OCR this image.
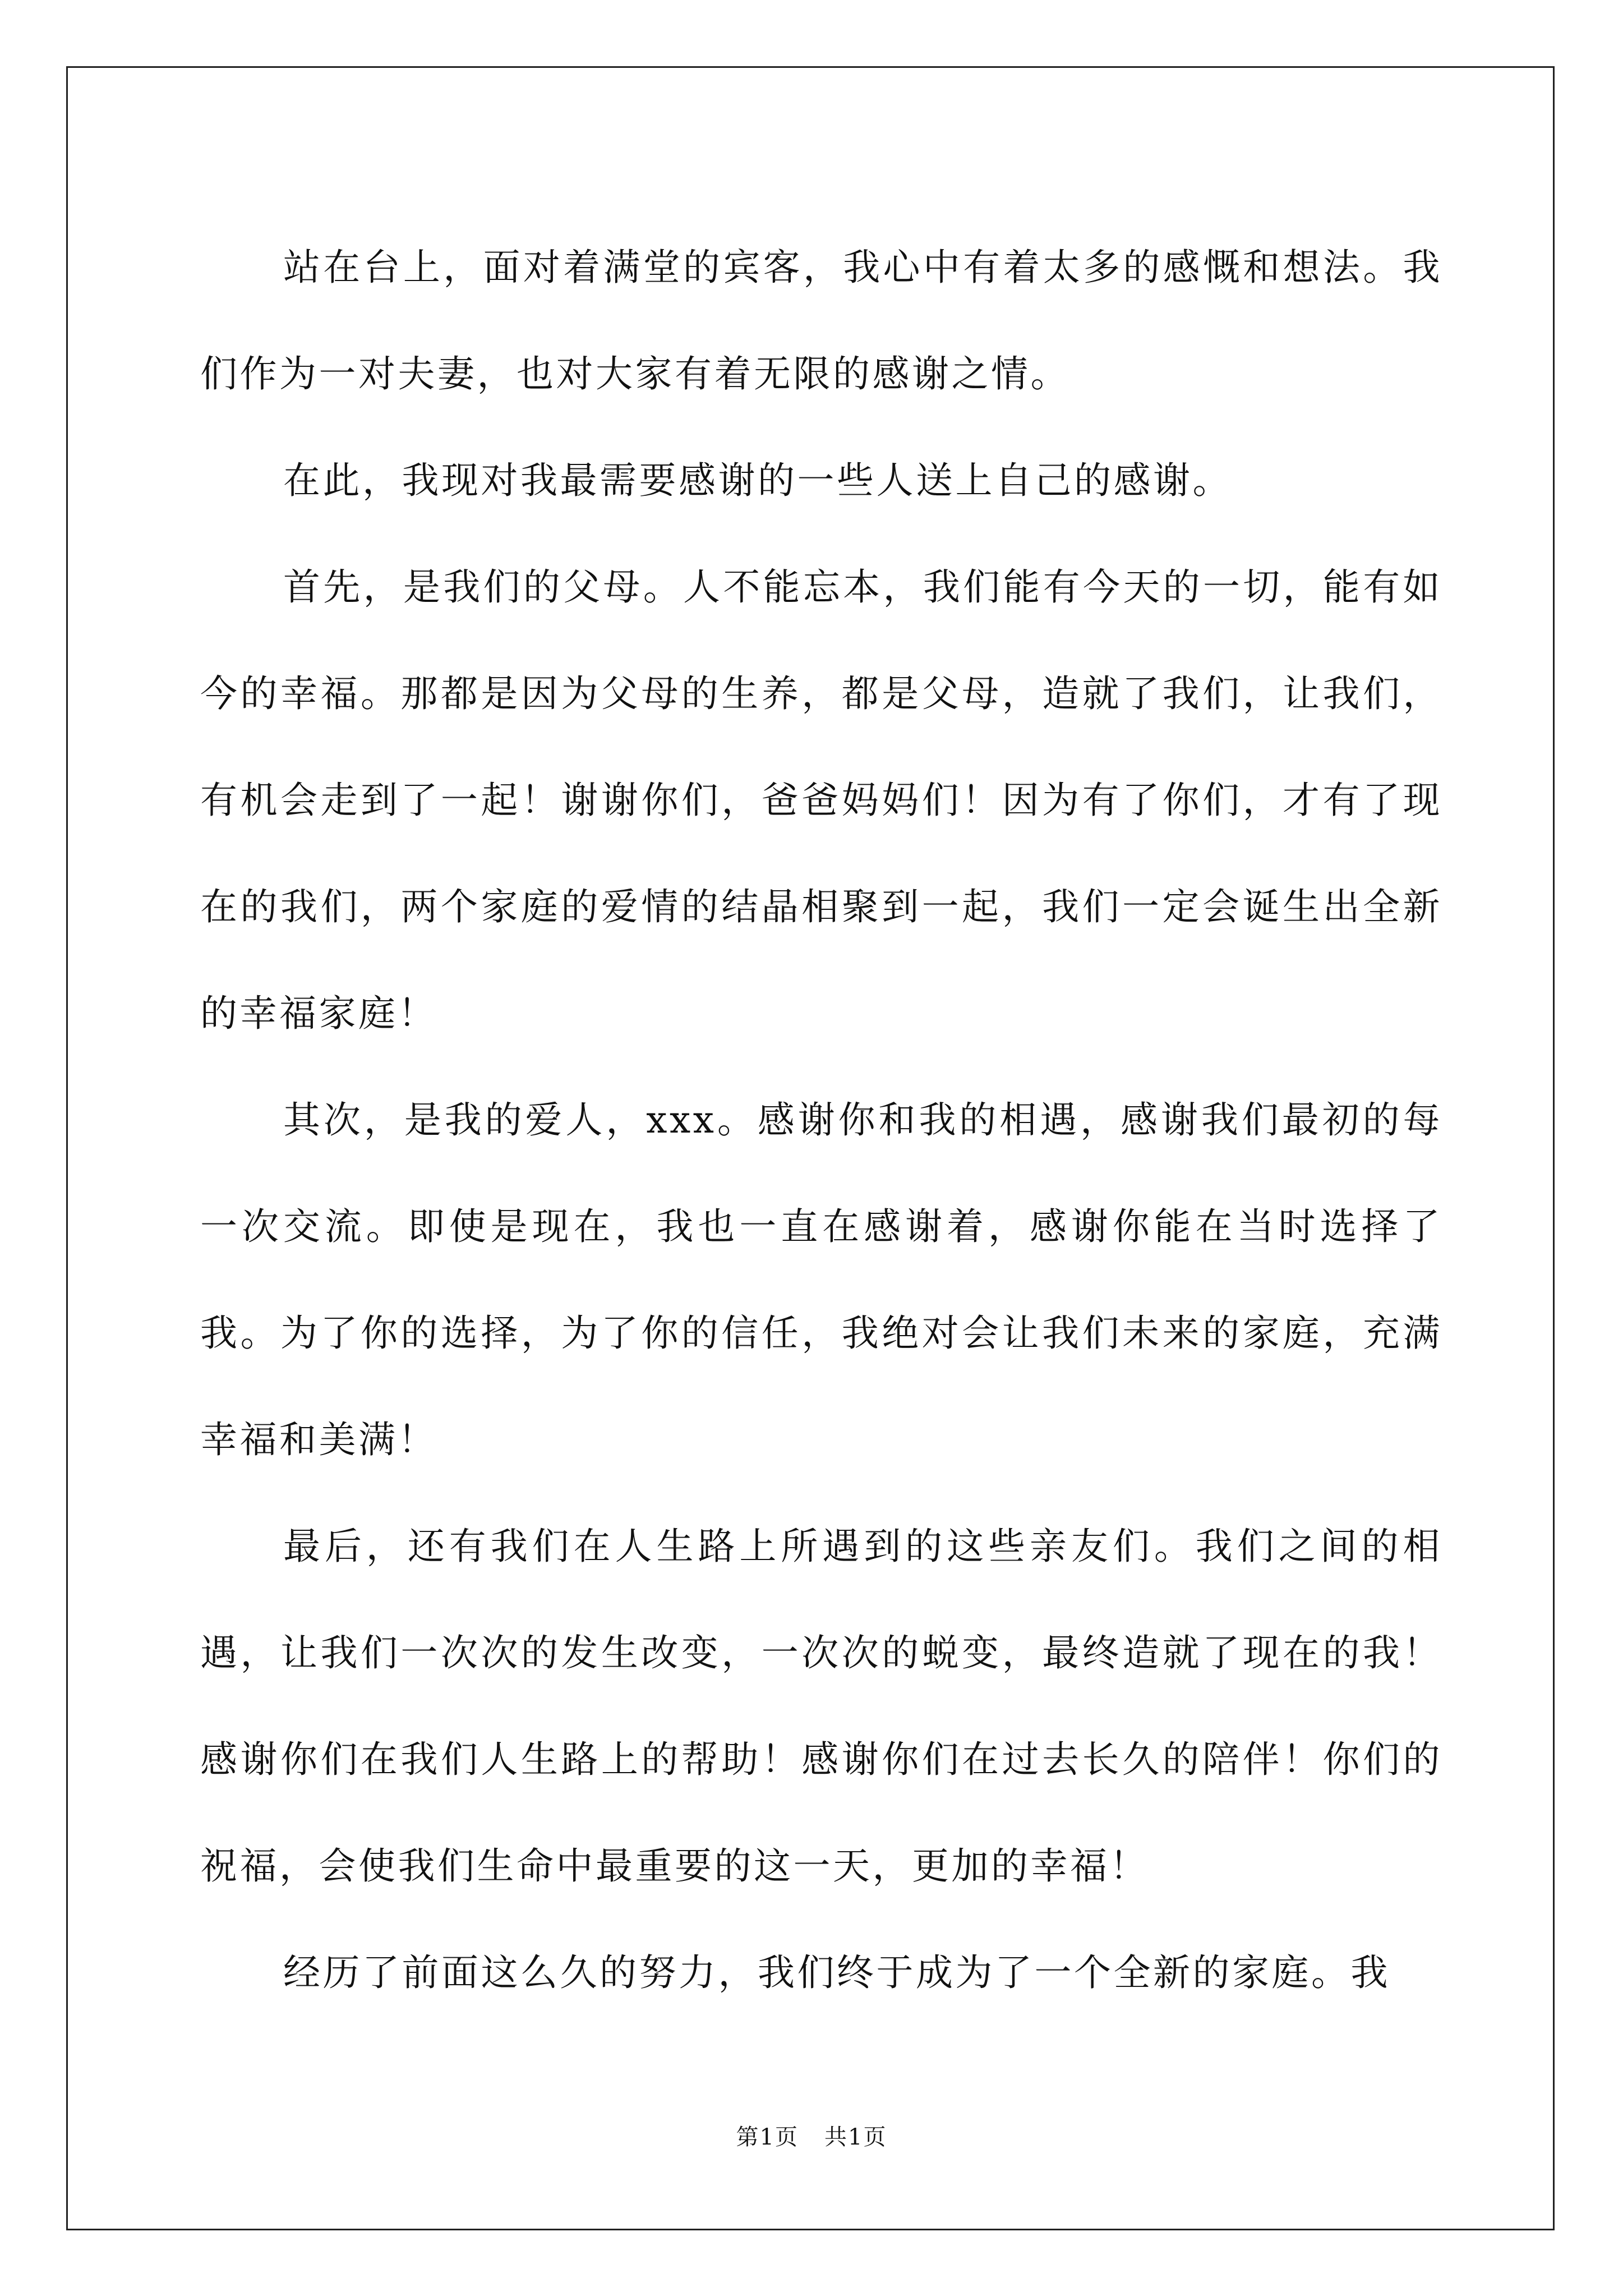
站在台上，面对着满堂的宾客，我心中有着太多的感慨和想法。我们作为一对夫妻，也对大家有着无限的感谢之情。

在此，我现对我最需要感谢的一些人送上自己的感谢。

首先，是我们的父母。人不能忘本，我们能有今天的一切，能有如今的幸福。那都是因为父母的生养，都是父母，造就了我们，让我们，有机会走到了一起！谢谢你们，爸爸妈妈们！因为有了你们，才有了现在的我们，两个家庭的爱情的结晶相聚到一起，我们一定会诞生出全新的幸福家庭！

其次，是我的爱人，xxx。感谢你和我的相遇，感谢我们最初的每一次交流。即使是现在，我也一直在感谢着，感谢你能在当时选择了我。为了你的选择，为了你的信任，我绝对会让我们未来的家庭，充满幸福和美满！

最后，还有我们在人生路上所遇到的这些亲友们。我们之间的相遇，让我们一次次的发生改变，一次次的蜕变，最终造就了现在的我！感谢你们在我们人生路上的帮助！感谢你们在过去长久的陪伴！你们的祝福，会使我们生命中最重要的这一天，更加的幸福！

经历了前面这么久的努力，我们终于成为了一个全新的家庭。我

第1页 共1页
